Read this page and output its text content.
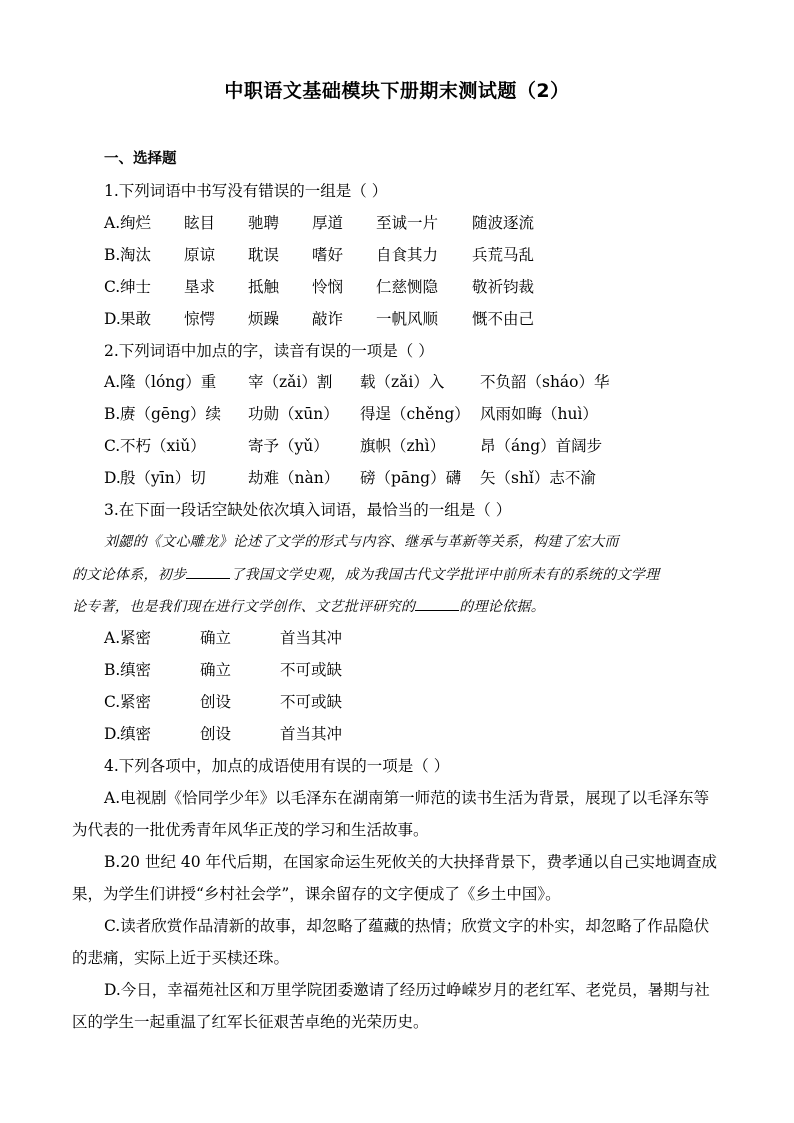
中职语文基础模块下册期末测试题（2）
一、选择题
1.下列词语中书写没有错误的一组是（ ）
A. 绚烂 眩目 驰聘 厚道 至诚一片 随波逐流
B. 淘汰 原谅 耽误 嗜好 自食其力 兵荒马乱
C. 绅士 垦求 抵触 怜悯 仁慈恻隐 敬祈钧裁
D. 果敢 惊愕 烦躁 敲诈 一帆风顺 慨不由己
2.下列词语中加点的字，读音有误的一项是（ ）
A. 隆（lóng）重 宰（zǎi）割 载（zǎi）入 不负韶（sháo）华
B. 赓（gēng）续 功勋（xūn） 得逞（chěng） 风雨如晦（huì）
C. 不朽（xiǔ）	寄予（yǔ） 旗帜（zhì） 昂（áng）首阔步
D. 殷（yīn）切	劫难（nàn） 磅（pāng）礴 矢（shǐ）志不渝
3.在下面一段话空缺处依次填入词语，最恰当的一组是（ ）
刘勰的《文心雕龙》论述了文学的形式与内容、继承与革新等关系，构建了宏大而
的文论体系，初步	了我国文学史观，成为我国古代文学批评中前所未有的系统的文学理
论专著，也是我们现在进行文学创作、文艺批评研究的	的理论依据。
A. 紧密	确立	首当其冲
B. 缜密	确立	不可或缺
C. 紧密	创设	不可或缺
D. 缜密	创设	首当其冲
4.下列各项中，加点的成语使用有误的一项是（ ）
A.电视剧《恰同学少年》以毛泽东在湖南第一师范的读书生活为背景，展现了以毛泽东等
为代表的一批优秀青年风华正茂的学习和生活故事。
B.20 世纪 40 年代后期，在国家命运生死攸关的大抉择背景下，费孝通以自己实地调查成
果，为学生们讲授“乡村社会学”，课余留存的文字便成了《乡土中国》。
C.读者欣赏作品清新的故事，却忽略了蕴藏的热情；欣赏文字的朴实，却忽略了作品隐伏
的悲痛，实际上近于买椟还珠。
D.今日，幸福苑社区和万里学院团委邀请了经历过峥嵘岁月的老红军、老党员，暑期与社
区的学生一起重温了红军长征艰苦卓绝的光荣历史。
